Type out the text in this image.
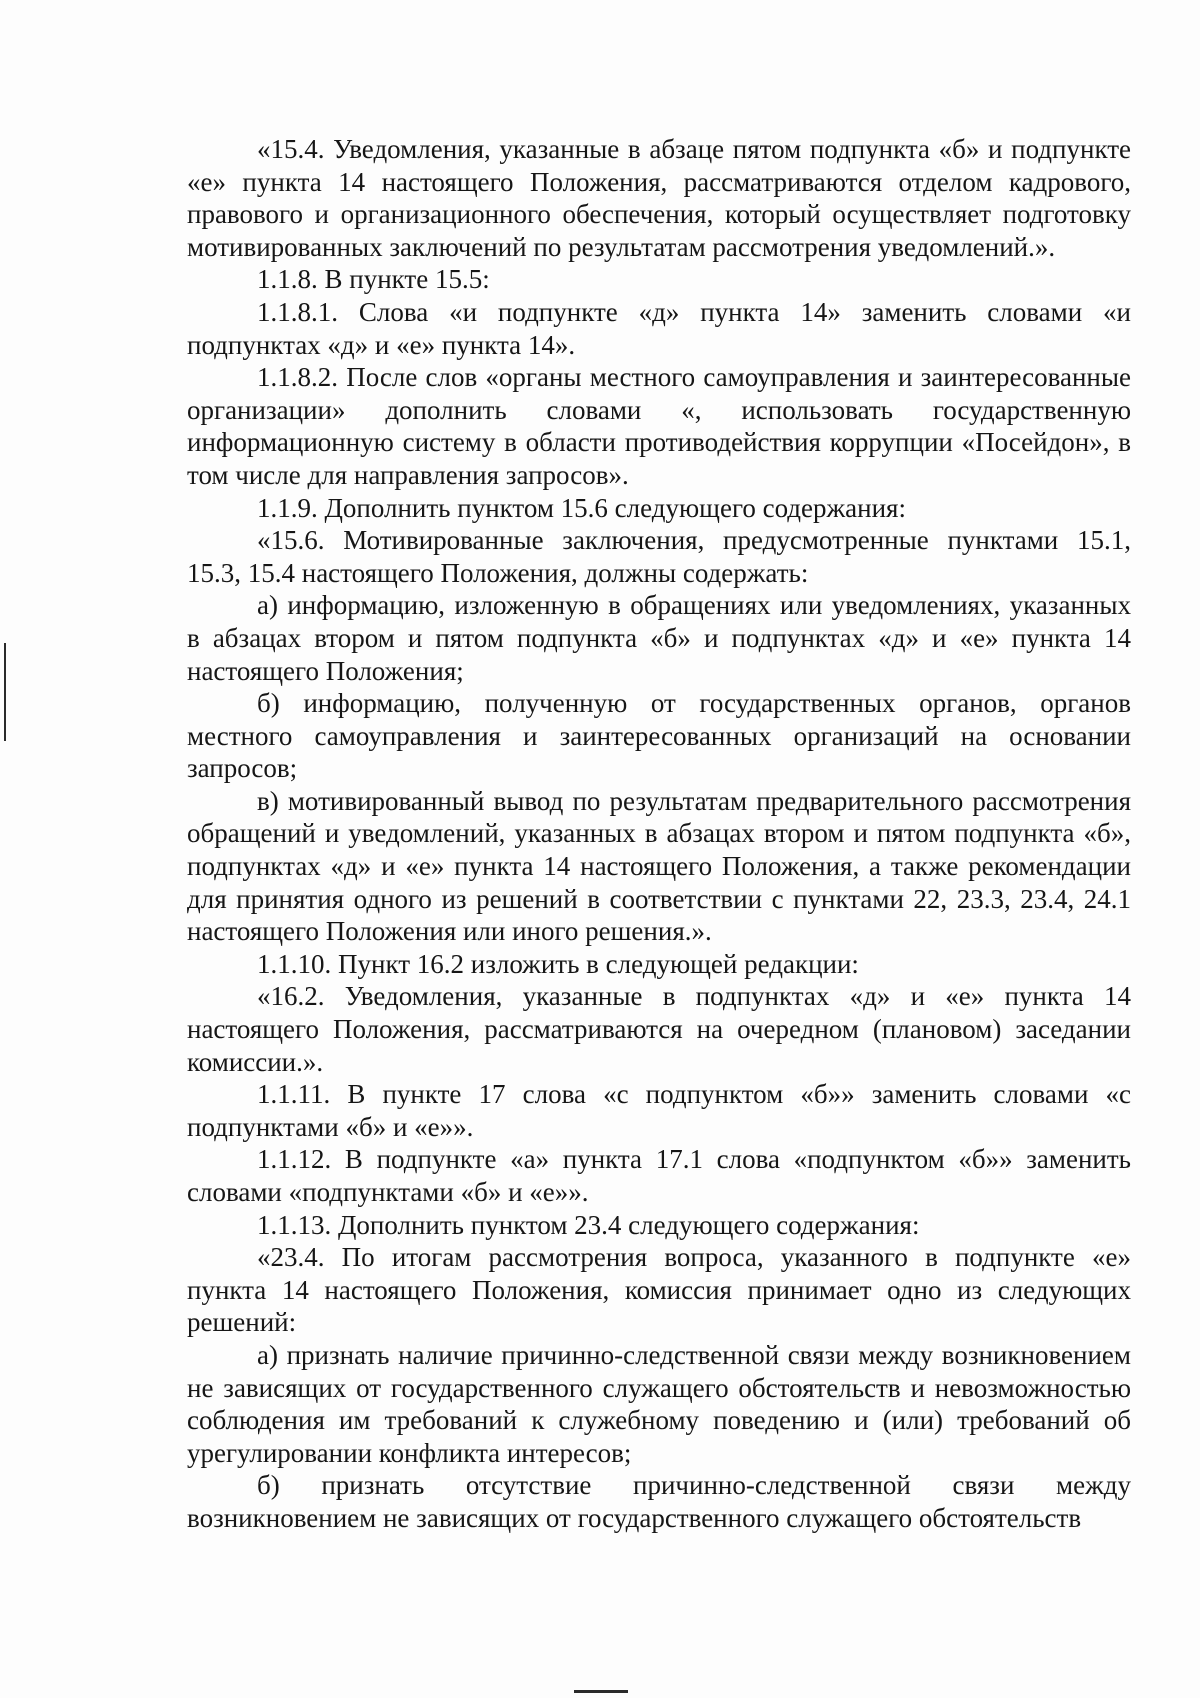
«15.4. Уведомления, указанные в абзаце пятом подпункта «б» и подпункте «е» пункта 14 настоящего Положения, рассматриваются отделом кадрового, правового и организационного обеспечения, который осуществляет подготовку мотивированных заключений по результатам рассмотрения уведомлений.».

1.1.8. В пункте 15.5:

1.1.8.1. Слова «и подпункте «д» пункта 14» заменить словами «и подпунктах «д» и «е» пункта 14».

1.1.8.2. После слов «органы местного самоуправления и заинтересованные организации» дополнить словами «, использовать государственную информационную систему в области противодействия коррупции «Посейдон», в том числе для направления запросов».

1.1.9. Дополнить пунктом 15.6 следующего содержания:

«15.6. Мотивированные заключения, предусмотренные пунктами 15.1, 15.3, 15.4 настоящего Положения, должны содержать:

а) информацию, изложенную в обращениях или уведомлениях, указанных в абзацах втором и пятом подпункта «б» и подпунктах «д» и «е» пункта 14 настоящего Положения;

б) информацию, полученную от государственных органов, органов местного самоуправления и заинтересованных организаций на основании запросов;

в) мотивированный вывод по результатам предварительного рассмотрения обращений и уведомлений, указанных в абзацах втором и пятом подпункта «б», подпунктах «д» и «е» пункта 14 настоящего Положения, а также рекомендации для принятия одного из решений в соответствии с пунктами 22, 23.3, 23.4, 24.1 настоящего Положения или иного решения.».

1.1.10. Пункт 16.2 изложить в следующей редакции:

«16.2. Уведомления, указанные в подпунктах «д» и «е» пункта 14 настоящего Положения, рассматриваются на очередном (плановом) заседании комиссии.».

1.1.11. В пункте 17 слова «с подпунктом «б»» заменить словами «с подпунктами «б» и «е»».

1.1.12. В подпункте «а» пункта 17.1 слова «подпунктом «б»» заменить словами «подпунктами «б» и «е»».

1.1.13. Дополнить пунктом 23.4 следующего содержания:

«23.4. По итогам рассмотрения вопроса, указанного в подпункте «е» пункта 14 настоящего Положения, комиссия принимает одно из следующих решений:

а) признать наличие причинно-следственной связи между возникновением не зависящих от государственного служащего обстоятельств и невозможностью соблюдения им требований к служебному поведению и (или) требований об урегулировании конфликта интересов;

б) признать отсутствие причинно-следственной связи между возникновением не зависящих от государственного служащего обстоятельств
